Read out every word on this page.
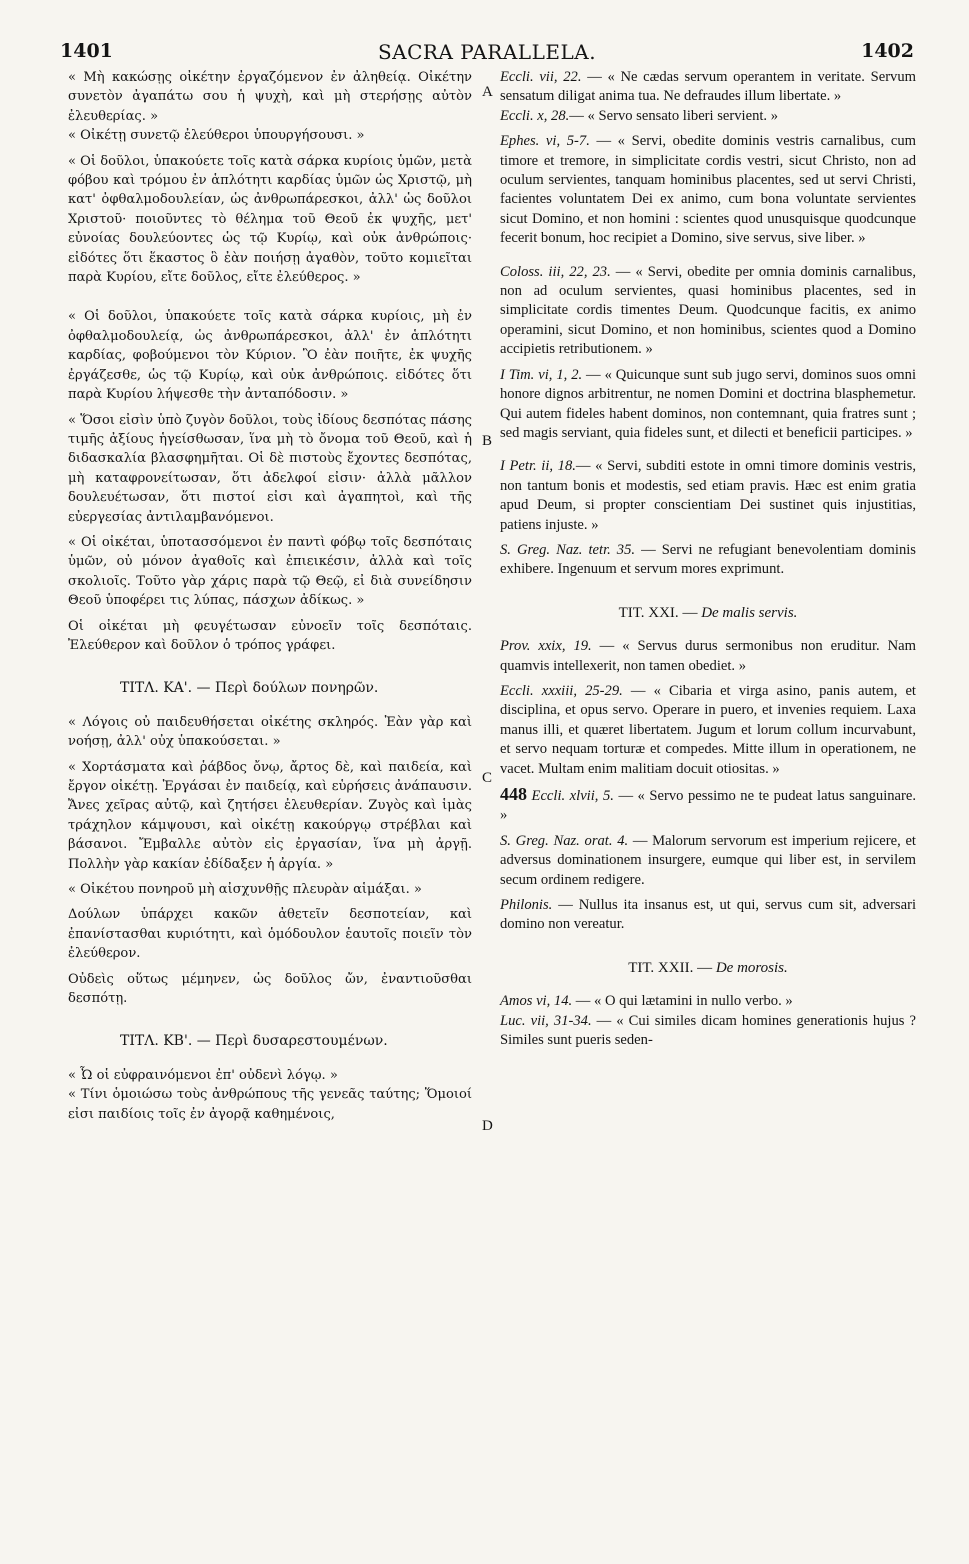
1401	SACRA PARALLELA.	1402
A
B
C
D

« Μὴ κακώσῃς οἰκέτην ἐργαζόμενον ἐν ἀληθείᾳ. Οἰκέτην συνετὸν ἀγαπάτω σου ἡ ψυχὴ, καὶ μὴ στερήσῃς αὐτὸν ἐλευθερίας. »

« Οἰκέτῃ συνετῷ ἐλεύθεροι ὑπουργήσουσι. »

« Οἱ δοῦλοι, ὑπακούετε τοῖς κατὰ σάρκα κυρίοις ὑμῶν, μετὰ φόβου καὶ τρόμου ἐν ἁπλότητι καρδίας ὑμῶν ὡς Χριστῷ, μὴ κατ' ὀφθαλμοδουλείαν, ὡς ἀνθρωπάρεσκοι, ἀλλ' ὡς δοῦλοι Χριστοῦ· ποιοῦντες τὸ θέλημα τοῦ Θεοῦ ἐκ ψυχῆς, μετ' εὐνοίας δουλεύοντες ὡς τῷ Κυρίῳ, καὶ οὐκ ἀνθρώποις· εἰδότες ὅτι ἕκαστος ὃ ἐὰν ποιήσῃ ἀγαθὸν, τοῦτο κομιεῖται παρὰ Κυρίου, εἴτε δοῦλος, εἴτε ἐλεύθερος. »

« Οἱ δοῦλοι, ὑπακούετε τοῖς κατὰ σάρκα κυρίοις, μὴ ἐν ὀφθαλμοδουλείᾳ, ὡς ἀνθρωπάρεσκοι, ἀλλ' ἐν ἁπλότητι καρδίας, φοβούμενοι τὸν Κύριον. Ὃ ἐὰν ποιῆτε, ἐκ ψυχῆς ἐργάζεσθε, ὡς τῷ Κυρίῳ, καὶ οὐκ ἀνθρώποις. εἰδότες ὅτι παρὰ Κυρίου λήψεσθε τὴν ἀνταπόδοσιν. »

« Ὅσοι εἰσὶν ὑπὸ ζυγὸν δοῦλοι, τοὺς ἰδίους δεσπότας πάσης τιμῆς ἀξίους ἡγείσθωσαν, ἵνα μὴ τὸ ὄνομα τοῦ Θεοῦ, καὶ ἡ διδασκαλία βλασφημῆται. Οἱ δὲ πιστοὺς ἔχοντες δεσπότας, μὴ καταφρονείτωσαν, ὅτι ἀδελφοί εἰσιν· ἀλλὰ μᾶλλον δουλευέτωσαν, ὅτι πιστοί εἰσι καὶ ἀγαπητοὶ, καὶ τῆς εὐεργεσίας ἀντιλαμβανόμενοι.

« Οἱ οἰκέται, ὑποτασσόμενοι ἐν παντὶ φόβῳ τοῖς δεσπόταις ὑμῶν, οὐ μόνον ἀγαθοῖς καὶ ἐπιεικέσιν, ἀλλὰ καὶ τοῖς σκολιοῖς. Τοῦτο γὰρ χάρις παρὰ τῷ Θεῷ, εἰ διὰ συνείδησιν Θεοῦ ὑποφέρει τις λύπας, πάσχων ἀδίκως. »

Οἱ οἰκέται μὴ φευγέτωσαν εὐνοεῖν τοῖς δεσπόταις. Ἐλεύθερον καὶ δοῦλον ὁ τρόπος γράφει.

ΤΙΤΛ. ΚΑ'. — Περὶ δούλων πονηρῶν.

« Λόγοις οὐ παιδευθήσεται οἰκέτης σκληρός. Ἐὰν γὰρ καὶ νοήσῃ, ἀλλ' οὐχ ὑπακούσεται. »

« Χορτάσματα καὶ ῥάβδος ὄνῳ, ἄρτος δὲ, καὶ παιδεία, καὶ ἔργον οἰκέτῃ. Ἐργάσαι ἐν παιδείᾳ, καὶ εὑρήσεις ἀνάπαυσιν. Ἄνες χεῖρας αὐτῷ, καὶ ζητήσει ἐλευθερίαν. Ζυγὸς καὶ ἱμὰς τράχηλον κάμψουσι, καὶ οἰκέτῃ κακούργῳ στρέβλαι καὶ βάσανοι. Ἔμβαλλε αὐτὸν εἰς ἐργασίαν, ἵνα μὴ ἀργῇ. Πολλὴν γὰρ κακίαν ἐδίδαξεν ἡ ἀργία. »

« Οἰκέτου πονηροῦ μὴ αἰσχυνθῇς πλευρὰν αἱμάξαι. »

Δούλων ὑπάρχει κακῶν ἀθετεῖν δεσποτείαν, καὶ ἐπανίστασθαι κυριότητι, καὶ ὁμόδουλον ἑαυτοῖς ποιεῖν τὸν ἐλεύθερον.

Οὐδεὶς οὕτως μέμηνεν, ὡς δοῦλος ὤν, ἐναντιοῦσθαι δεσπότῃ.

ΤΙΤΛ. ΚΒ'. — Περὶ δυσαρεστουμένων.

« Ὦ οἱ εὐφραινόμενοι ἐπ' οὐδενὶ λόγῳ. »

« Τίνι ὁμοιώσω τοὺς ἀνθρώπους τῆς γενεᾶς ταύτης; Ὅμοιοί εἰσι παιδίοις τοῖς ἐν ἀγορᾷ καθημένοις,

Eccli. vii, 22. — « Ne cædas servum operantem in veritate. Servum sensatum diligat anima tua. Ne defraudes illum libertate. »

Eccli. x, 28.— « Servo sensato liberi servient. »

Ephes. vi, 5-7. — « Servi, obedite dominis vestris carnalibus, cum timore et tremore, in simplicitate cordis vestri, sicut Christo, non ad oculum servientes, tanquam hominibus placentes, sed ut servi Christi, facientes voluntatem Dei ex animo, cum bona voluntate servientes sicut Domino, et non homini : scientes quod unusquisque quodcunque fecerit bonum, hoc recipiet a Domino, sive servus, sive liber. »

Coloss. iii, 22, 23. — « Servi, obedite per omnia dominis carnalibus, non ad oculum servientes, quasi hominibus placentes, sed in simplicitate cordis timentes Deum. Quodcunque facitis, ex animo operamini, sicut Domino, et non hominibus, scientes quod a Domino accipietis retributionem. »

I Tim. vi, 1, 2. — « Quicunque sunt sub jugo servi, dominos suos omni honore dignos arbitrentur, ne nomen Domini et doctrina blasphemetur. Qui autem fideles habent dominos, non contemnant, quia fratres sunt ; sed magis serviant, quia fideles sunt, et dilecti et beneficii participes. »

I Petr. ii, 18.— « Servi, subditi estote in omni timore dominis vestris, non tantum bonis et modestis, sed etiam pravis. Hæc est enim gratia apud Deum, si propter conscientiam Dei sustinet quis injustitias, patiens injuste. »

S. Greg. Naz. tetr. 35. — Servi ne refugiant benevolentiam dominis exhibere. Ingenuum et servum mores exprimunt.

TIT. XXI. — De malis servis.

Prov. xxix, 19. — « Servus durus sermonibus non eruditur. Nam quamvis intellexerit, non tamen obediet. »

Eccli. xxxiii, 25-29. — « Cibaria et virga asino, panis autem, et disciplina, et opus servo. Operare in puero, et invenies requiem. Laxa manus illi, et quæret libertatem. Jugum et lorum collum incurvabunt, et servo nequam torturæ et compedes. Mitte illum in operationem, ne vacet. Multam enim malitiam docuit otiositas. »

448 Eccli. xlvii, 5. — « Servo pessimo ne te pudeat latus sanguinare. »

S. Greg. Naz. orat. 4. — Malorum servorum est imperium rejicere, et adversus dominationem insurgere, eumque qui liber est, in servilem secum ordinem redigere.

Philonis. — Nullus ita insanus est, ut qui, servus cum sit, adversari domino non vereatur.

TIT. XXII. — De morosis.

Amos vi, 14. — « O qui lætamini in nullo verbo. »

Luc. vii, 31-34. — « Cui similes dicam homines generationis hujus ? Similes sunt pueris seden-
